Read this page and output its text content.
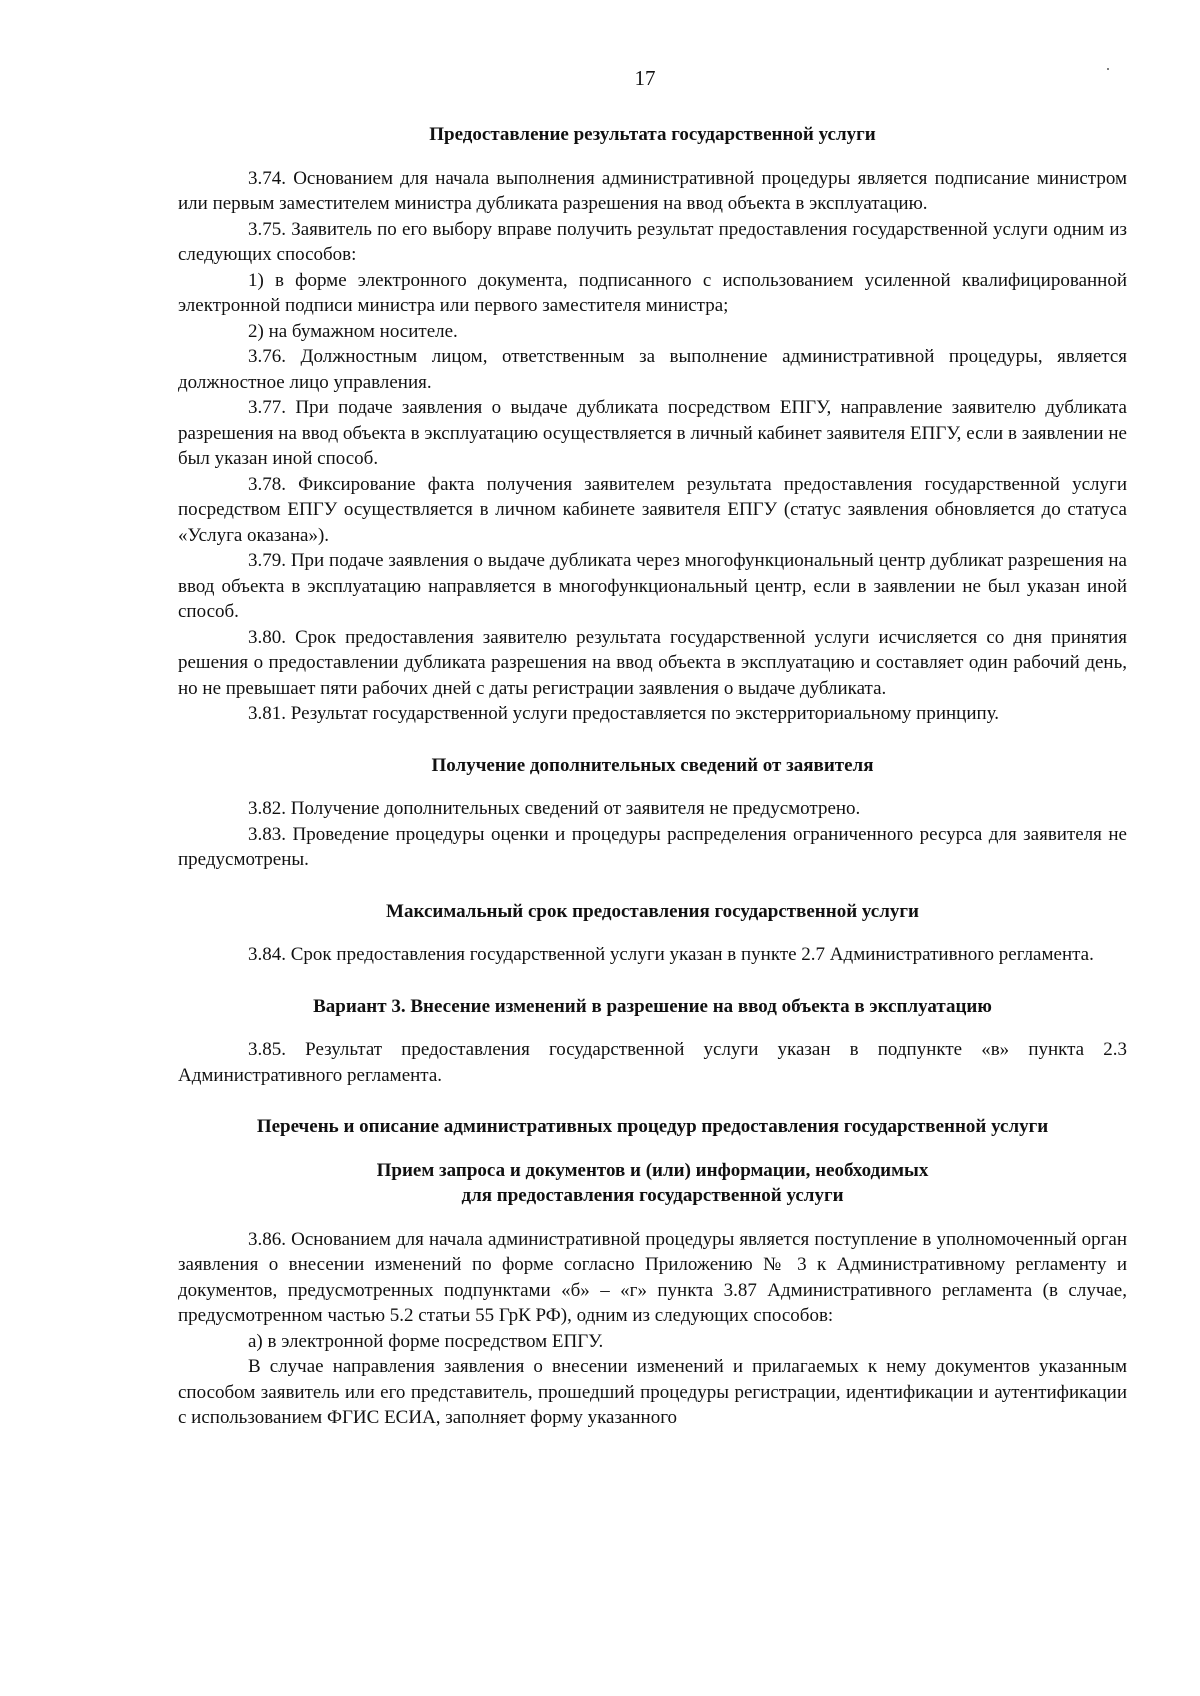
17

Предоставление результата государственной услуги

3.74. Основанием для начала выполнения административной процедуры является подписание министром или первым заместителем министра дубликата разрешения на ввод объекта в эксплуатацию.

3.75. Заявитель по его выбору вправе получить результат предоставления государственной услуги одним из следующих способов:

1) в форме электронного документа, подписанного с использованием усиленной квалифицированной электронной подписи министра или первого заместителя министра;

2) на бумажном носителе.

3.76. Должностным лицом, ответственным за выполнение административной процедуры, является должностное лицо управления.

3.77. При подаче заявления о выдаче дубликата посредством ЕПГУ, направление заявителю дубликата разрешения на ввод объекта в эксплуатацию осуществляется в личный кабинет заявителя ЕПГУ, если в заявлении не был указан иной способ.

3.78. Фиксирование факта получения заявителем результата предоставления государственной услуги посредством ЕПГУ осуществляется в личном кабинете заявителя ЕПГУ (статус заявления обновляется до статуса «Услуга оказана»).

3.79. При подаче заявления о выдаче дубликата через многофункциональный центр дубликат разрешения на ввод объекта в эксплуатацию направляется в многофункциональный центр, если в заявлении не был указан иной способ.

3.80. Срок предоставления заявителю результата государственной услуги исчисляется со дня принятия решения о предоставлении дубликата разрешения на ввод объекта в эксплуатацию и составляет один рабочий день, но не превышает пяти рабочих дней с даты регистрации заявления о выдаче дубликата.

3.81. Результат государственной услуги предоставляется по экстерриториальному принципу.

Получение дополнительных сведений от заявителя

3.82. Получение дополнительных сведений от заявителя не предусмотрено.

3.83. Проведение процедуры оценки и процедуры распределения ограниченного ресурса для заявителя не предусмотрены.

Максимальный срок предоставления государственной услуги

3.84. Срок предоставления государственной услуги указан в пункте 2.7 Административного регламента.

Вариант 3. Внесение изменений в разрешение на ввод объекта в эксплуатацию

3.85. Результат предоставления государственной услуги указан в подпункте «в» пункта 2.3 Административного регламента.

Перечень и описание административных процедур предоставления государственной услуги

Прием запроса и документов и (или) информации, необходимых
для предоставления государственной услуги

3.86. Основанием для начала административной процедуры является поступление в уполномоченный орган заявления о внесении изменений по форме согласно Приложению № 3 к Административному регламенту и документов, предусмотренных подпунктами «б» – «г» пункта 3.87 Административного регламента (в случае, предусмотренном частью 5.2 статьи 55 ГрК РФ), одним из следующих способов:

а) в электронной форме посредством ЕПГУ.

В случае направления заявления о внесении изменений и прилагаемых к нему документов указанным способом заявитель или его представитель, прошедший процедуры регистрации, идентификации и аутентификации с использованием ФГИС ЕСИА, заполняет форму указанного
